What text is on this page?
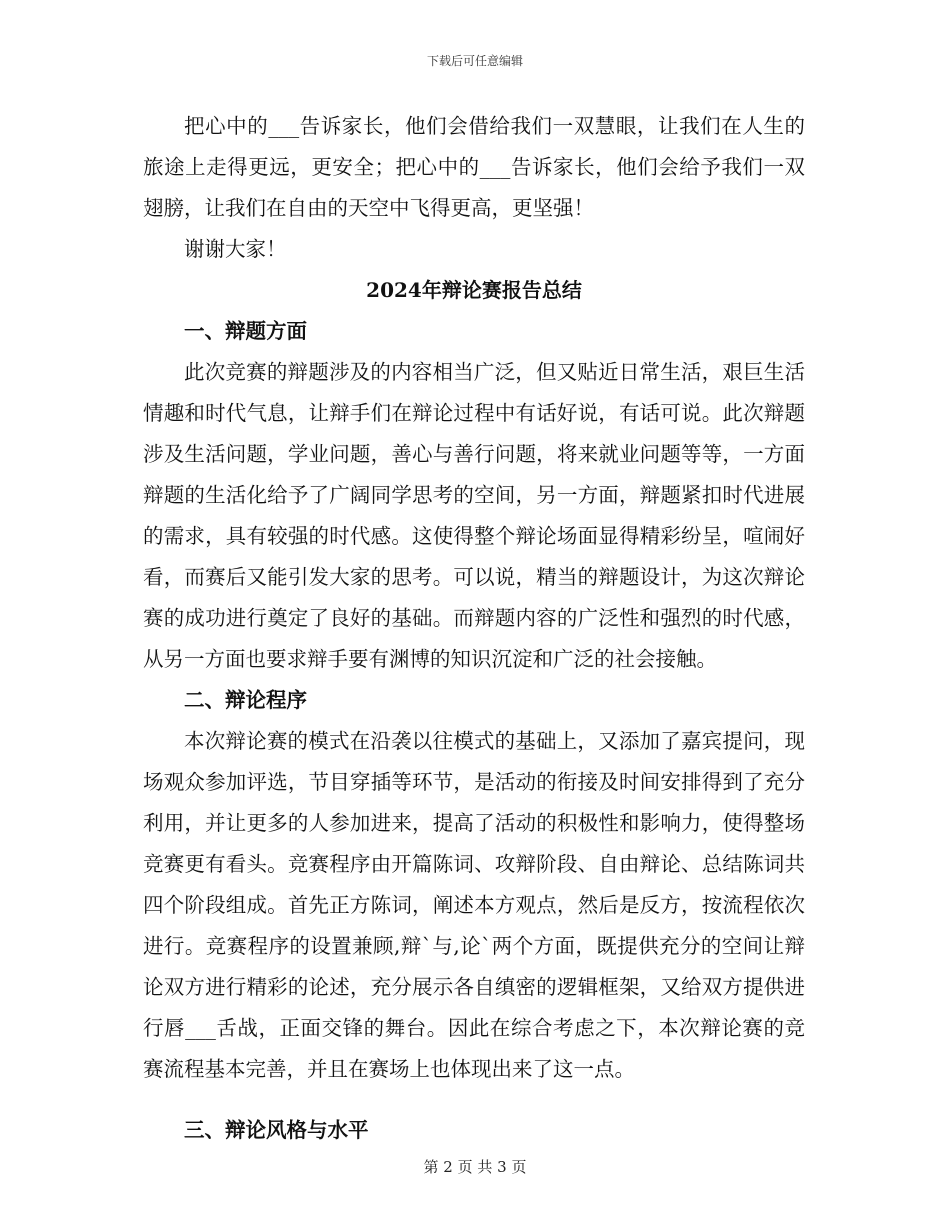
下载后可任意编辑

把心中的___告诉家长，他们会借给我们一双慧眼，让我们在人生的旅途上走得更远，更安全；把心中的___告诉家长，他们会给予我们一双翅膀，让我们在自由的天空中飞得更高，更坚强！

谢谢大家！

2024年辩论赛报告总结
一、辩题方面

此次竞赛的辩题涉及的内容相当广泛，但又贴近日常生活，艰巨生活情趣和时代气息，让辩手们在辩论过程中有话好说，有话可说。此次辩题涉及生活问题，学业问题，善心与善行问题，将来就业问题等等，一方面辩题的生活化给予了广阔同学思考的空间，另一方面，辩题紧扣时代进展的需求，具有较强的时代感。这使得整个辩论场面显得精彩纷呈，喧闹好看，而赛后又能引发大家的思考。可以说，精当的辩题设计，为这次辩论赛的成功进行奠定了良好的基础。而辩题内容的广泛性和强烈的时代感，从另一方面也要求辩手要有渊博的知识沉淀和广泛的社会接触。

二、辩论程序

本次辩论赛的模式在沿袭以往模式的基础上，又添加了嘉宾提问，现场观众参加评选，节目穿插等环节，是活动的衔接及时间安排得到了充分利用，并让更多的人参加进来，提高了活动的积极性和影响力，使得整场竞赛更有看头。竞赛程序由开篇陈词、攻辩阶段、自由辩论、总结陈词共四个阶段组成。首先正方陈词，阐述本方观点，然后是反方，按流程依次进行。竞赛程序的设置兼顾,辩`与,论`两个方面，既提供充分的空间让辩论双方进行精彩的论述，充分展示各自缜密的逻辑框架，又给双方提供进行唇___舌战，正面交锋的舞台。因此在综合考虑之下，本次辩论赛的竞赛流程基本完善，并且在赛场上也体现出来了这一点。

三、辩论风格与水平
第 2 页 共 3 页
